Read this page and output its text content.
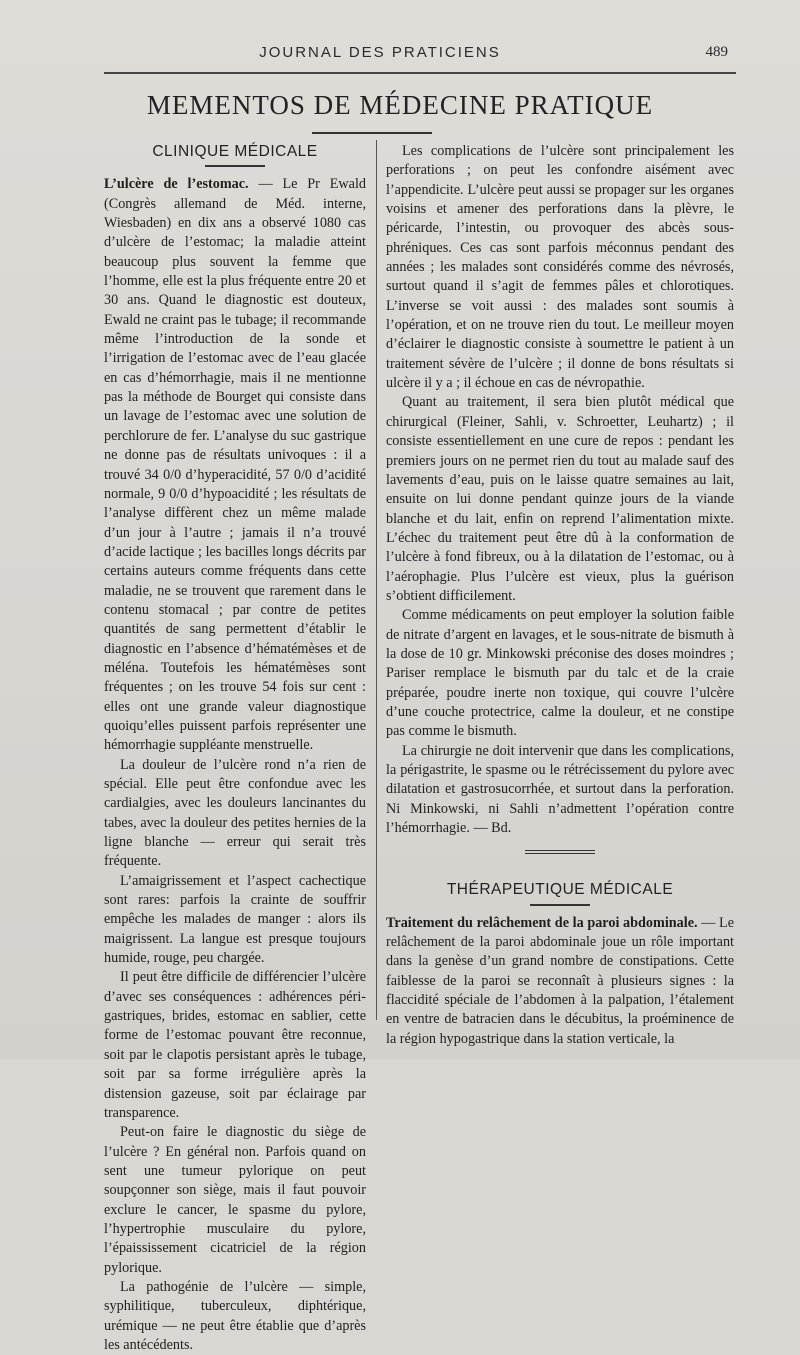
JOURNAL DES PRATICIENS	489
MEMENTOS DE MÉDECINE PRATIQUE
CLINIQUE MÉDICALE

L’ulcère de l’estomac. — Le Pr Ewald (Congrès allemand de Méd. interne, Wiesbaden) en dix ans a observé 1080 cas d’ulcère de l’estomac; la maladie atteint beaucoup plus souvent la femme que l’homme, elle est la plus fréquente entre 20 et 30 ans. Quand le diagnostic est douteux, Ewald ne craint pas le tubage; il recommande même l’introduction de la sonde et l’irrigation de l’estomac avec de l’eau glacée en cas d’hémorrhagie, mais il ne mentionne pas la méthode de Bourget qui consiste dans un lavage de l’estomac avec une solution de perchlorure de fer. L’analyse du suc gastrique ne donne pas de résultats univoques : il a trouvé 34 0/0 d’hyperacidité, 57 0/0 d’acidité normale, 9 0/0 d’hypoacidité ; les résultats de l’analyse diffèrent chez un même malade d’un jour à l’autre ; jamais il n’a trouvé d’acide lactique ; les bacilles longs décrits par certains auteurs comme fréquents dans cette maladie, ne se trouvent que rarement dans le contenu stomacal ; par contre de petites quantités de sang permettent d’établir le diagnostic en l’absence d’hématémèses et de méléna. Toutefois les hématémèses sont fréquentes ; on les trouve 54 fois sur cent : elles ont une grande valeur diagnostique quoiqu’elles puissent parfois représenter une hémorrhagie suppléante menstruelle.

La douleur de l’ulcère rond n’a rien de spécial. Elle peut être confondue avec les cardialgies, avec les douleurs lancinantes du tabes, avec la douleur des petites hernies de la ligne blanche — erreur qui serait très fréquente.

L’amaigrissement et l’aspect cachectique sont rares: parfois la crainte de souffrir empêche les malades de manger : alors ils maigrissent. La langue est presque toujours humide, rouge, peu chargée.

Il peut être difficile de différencier l’ulcère d’avec ses conséquences : adhérences péri-gastriques, brides, estomac en sablier, cette forme de l’estomac pouvant être reconnue, soit par le clapotis persistant après le tubage, soit par sa forme irrégulière après la distension gazeuse, soit par éclairage par transparence.

Peut-on faire le diagnostic du siège de l’ulcère ? En général non. Parfois quand on sent une tumeur pylorique on peut soupçonner son siège, mais il faut pouvoir exclure le cancer, le spasme du pylore, l’hypertrophie musculaire du pylore, l’épaississement cicatriciel de la région pylorique.

La pathogénie de l’ulcère — simple, syphilitique, tuberculeux, diphtérique, urémique — ne peut être établie que d’après les antécédents.

Les complications de l’ulcère sont principalement les perforations ; on peut les confondre aisément avec l’appendicite. L’ulcère peut aussi se propager sur les organes voisins et amener des perforations dans la plèvre, le péricarde, l’intestin, ou provoquer des abcès sous-phréniques. Ces cas sont parfois méconnus pendant des années ; les malades sont considérés comme des névrosés, surtout quand il s’agit de femmes pâles et chlorotiques. L’inverse se voit aussi : des malades sont soumis à l’opération, et on ne trouve rien du tout. Le meilleur moyen d’éclairer le diagnostic consiste à soumettre le patient à un traitement sévère de l’ulcère ; il donne de bons résultats si ulcère il y a ; il échoue en cas de névropathie.

Quant au traitement, il sera bien plutôt médical que chirurgical (Fleiner, Sahli, v. Schroetter, Leuhartz) ; il consiste essentiellement en une cure de repos : pendant les premiers jours on ne permet rien du tout au malade sauf des lavements d’eau, puis on le laisse quatre semaines au lait, ensuite on lui donne pendant quinze jours de la viande blanche et du lait, enfin on reprend l’alimentation mixte. L’échec du traitement peut être dû à la conformation de l’ulcère à fond fibreux, ou à la dilatation de l’estomac, ou à l’aérophagie. Plus l’ulcère est vieux, plus la guérison s’obtient difficilement.

Comme médicaments on peut employer la solution faible de nitrate d’argent en lavages, et le sous-nitrate de bismuth à la dose de 10 gr. Minkowski préconise des doses moindres ; Pariser remplace le bismuth par du talc et de la craie préparée, poudre inerte non toxique, qui couvre l’ulcère d’une couche protectrice, calme la douleur, et ne constipe pas comme le bismuth.

La chirurgie ne doit intervenir que dans les complications, la périgastrite, le spasme ou le rétrécissement du pylore avec dilatation et gastrosucorrhée, et surtout dans la perforation. Ni Minkowski, ni Sahli n’admettent l’opération contre l’hémorrhagie. — Bd.

THÉRAPEUTIQUE MÉDICALE

Traitement du relâchement de la paroi abdominale. — Le relâchement de la paroi abdominale joue un rôle important dans la genèse d’un grand nombre de constipations. Cette faiblesse de la paroi se reconnaît à plusieurs signes : la flaccidité spéciale de l’abdomen à la palpation, l’étalement en ventre de batracien dans le décubitus, la proéminence de la région hypogastrique dans la station verticale, la
